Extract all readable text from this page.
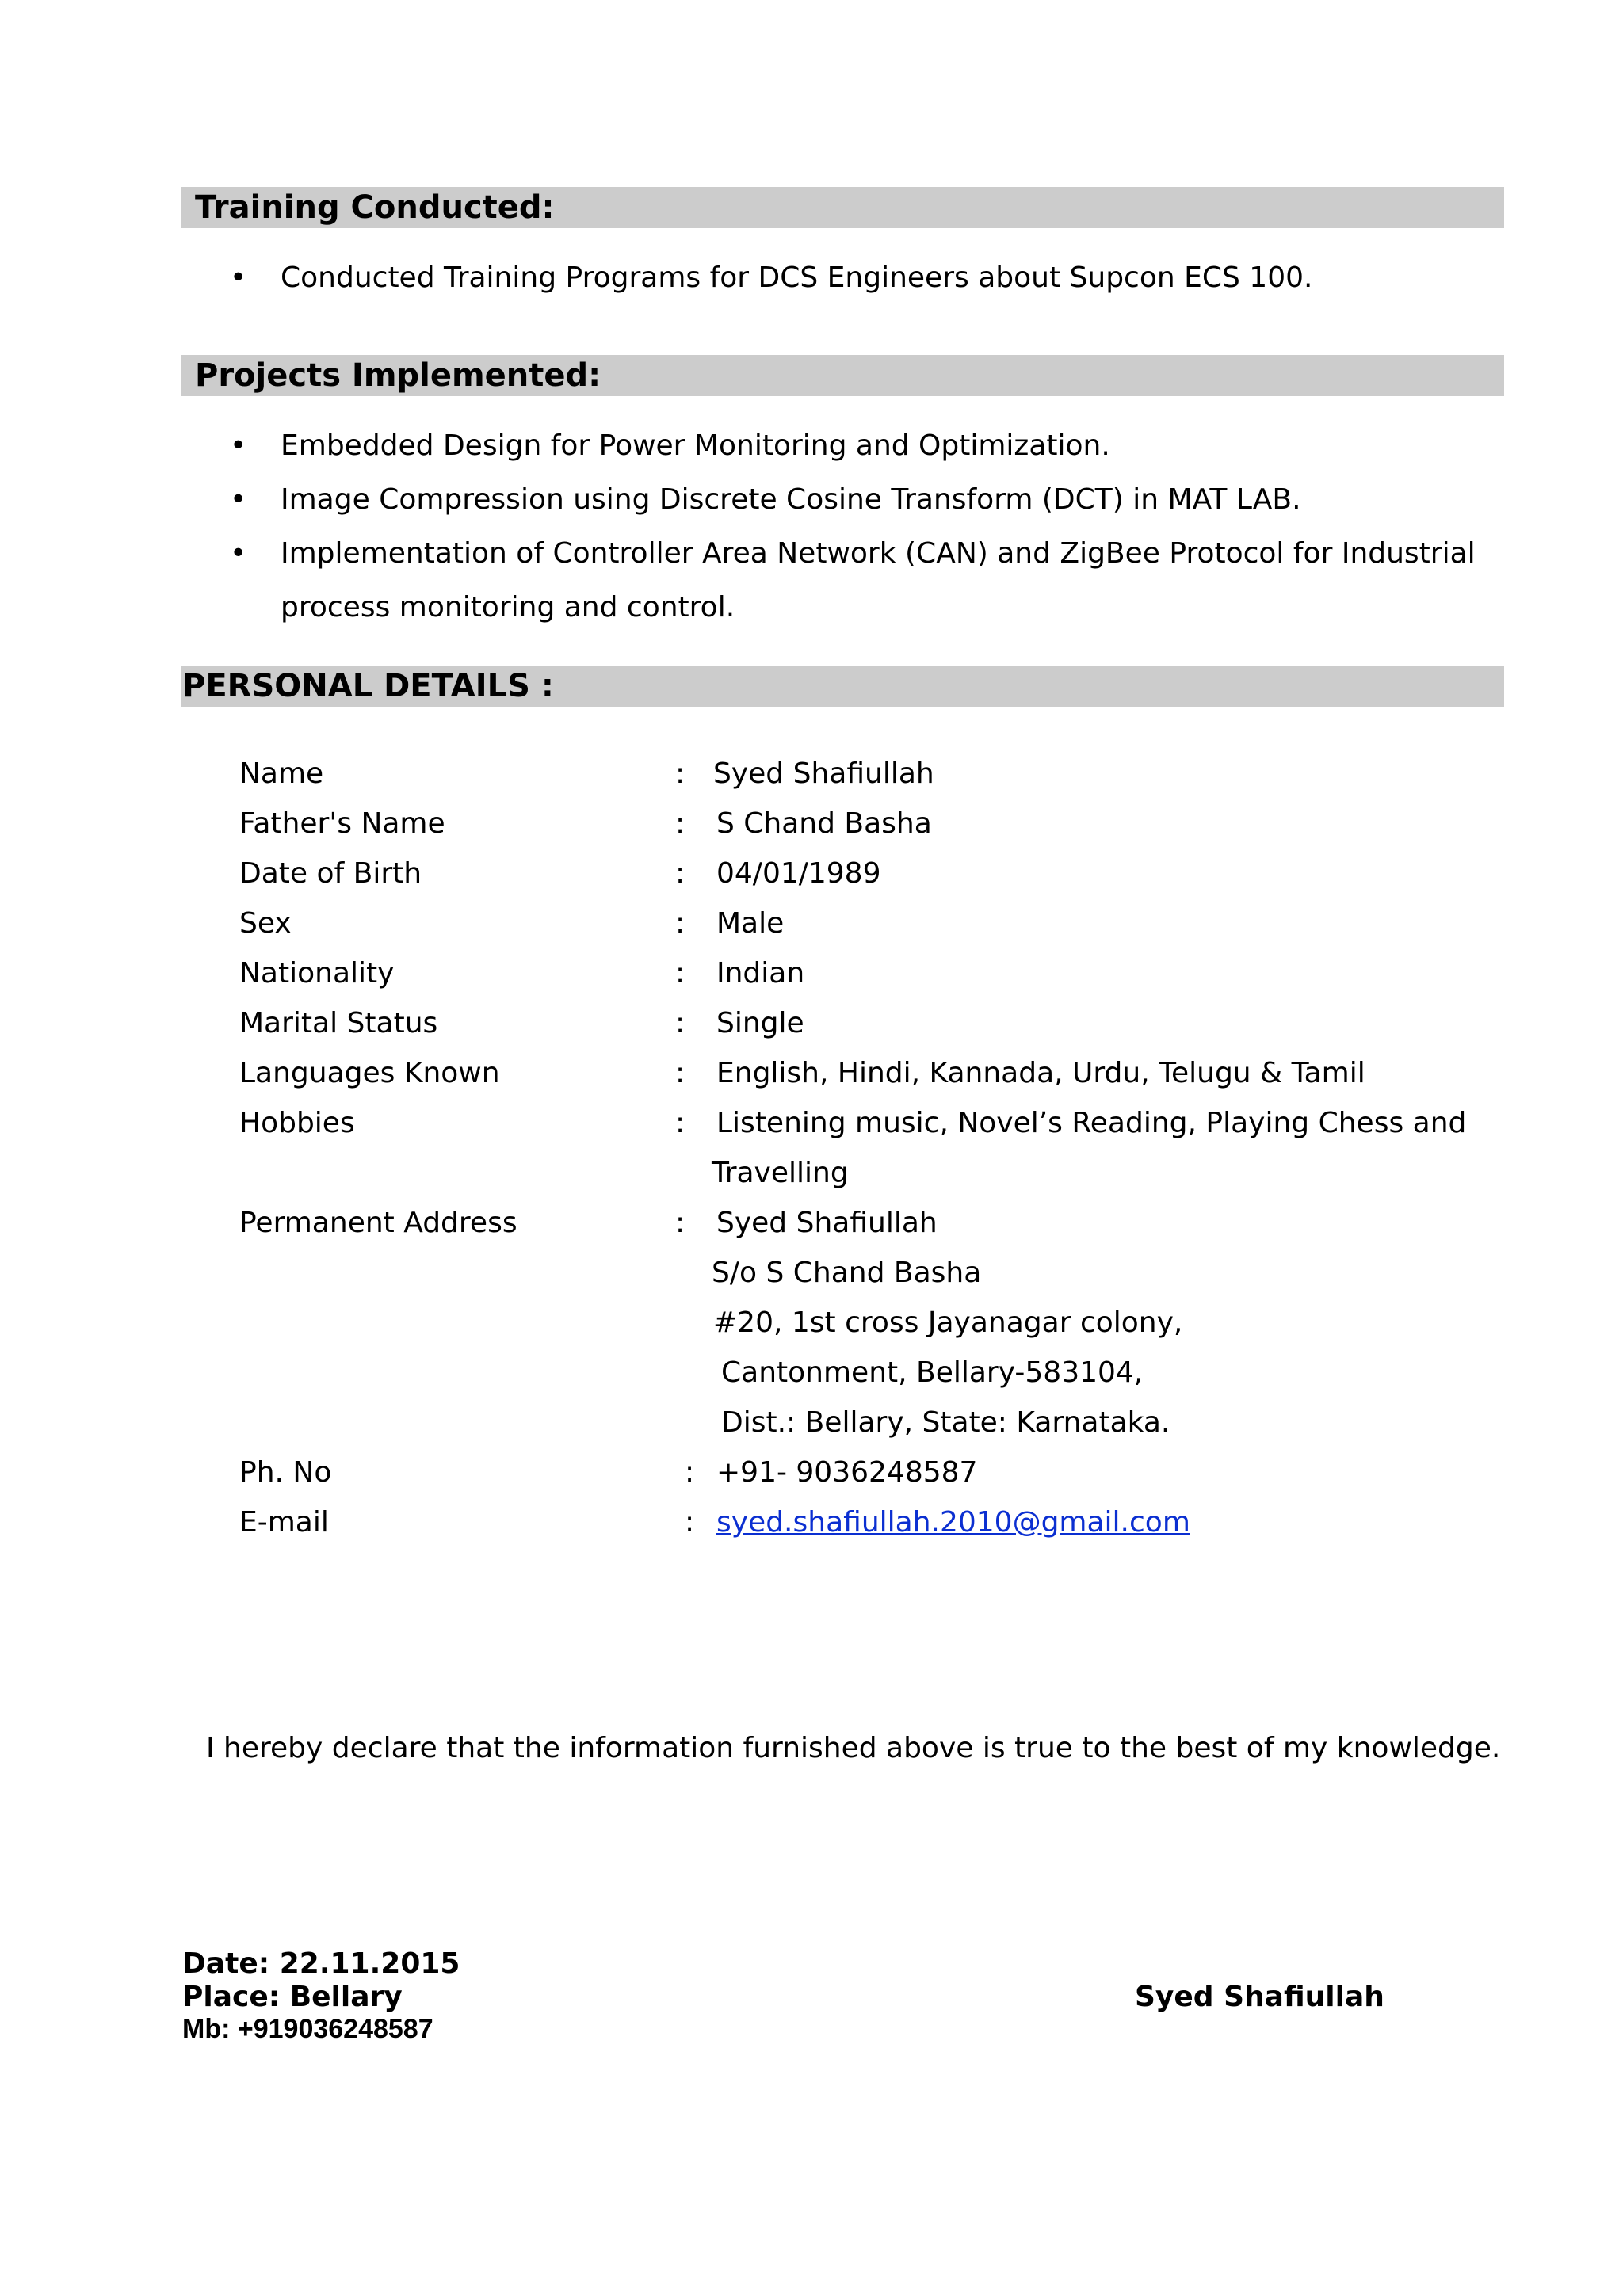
Training Conducted:
• Conducted Training Programs for DCS Engineers about Supcon ECS 100.
Projects Implemented:
• Embedded Design for Power Monitoring and Optimization.
• Image Compression using Discrete Cosine Transform (DCT) in MAT LAB.
• Implementation of Controller Area Network (CAN) and ZigBee Protocol for Industrial
process monitoring and control.
PERSONAL DETAILS :
Name	: Syed Shafiullah
Father's Name	: S Chand Basha
Date of Birth	: 04/01/1989
Sex	: Male
Nationality	: Indian
Marital Status	: Single
Languages Known	: English, Hindi, Kannada, Urdu, Telugu & Tamil
Hobbies	: Listening music, Novel’s Reading, Playing Chess and
Travelling
Permanent Address	: Syed Shafiullah
S/o S Chand Basha
#20, 1st cross Jayanagar colony,
Cantonment, Bellary-583104,
Dist.: Bellary, State: Karnataka.
Ph. No	: +91- 9036248587
E-mail	: syed.shafiullah.2010@gmail.com
I hereby declare that the information furnished above is true to the best of my knowledge.
Date: 22.11.2015
Place: Bellary
Mb: +919036248587
Syed Shafiullah
